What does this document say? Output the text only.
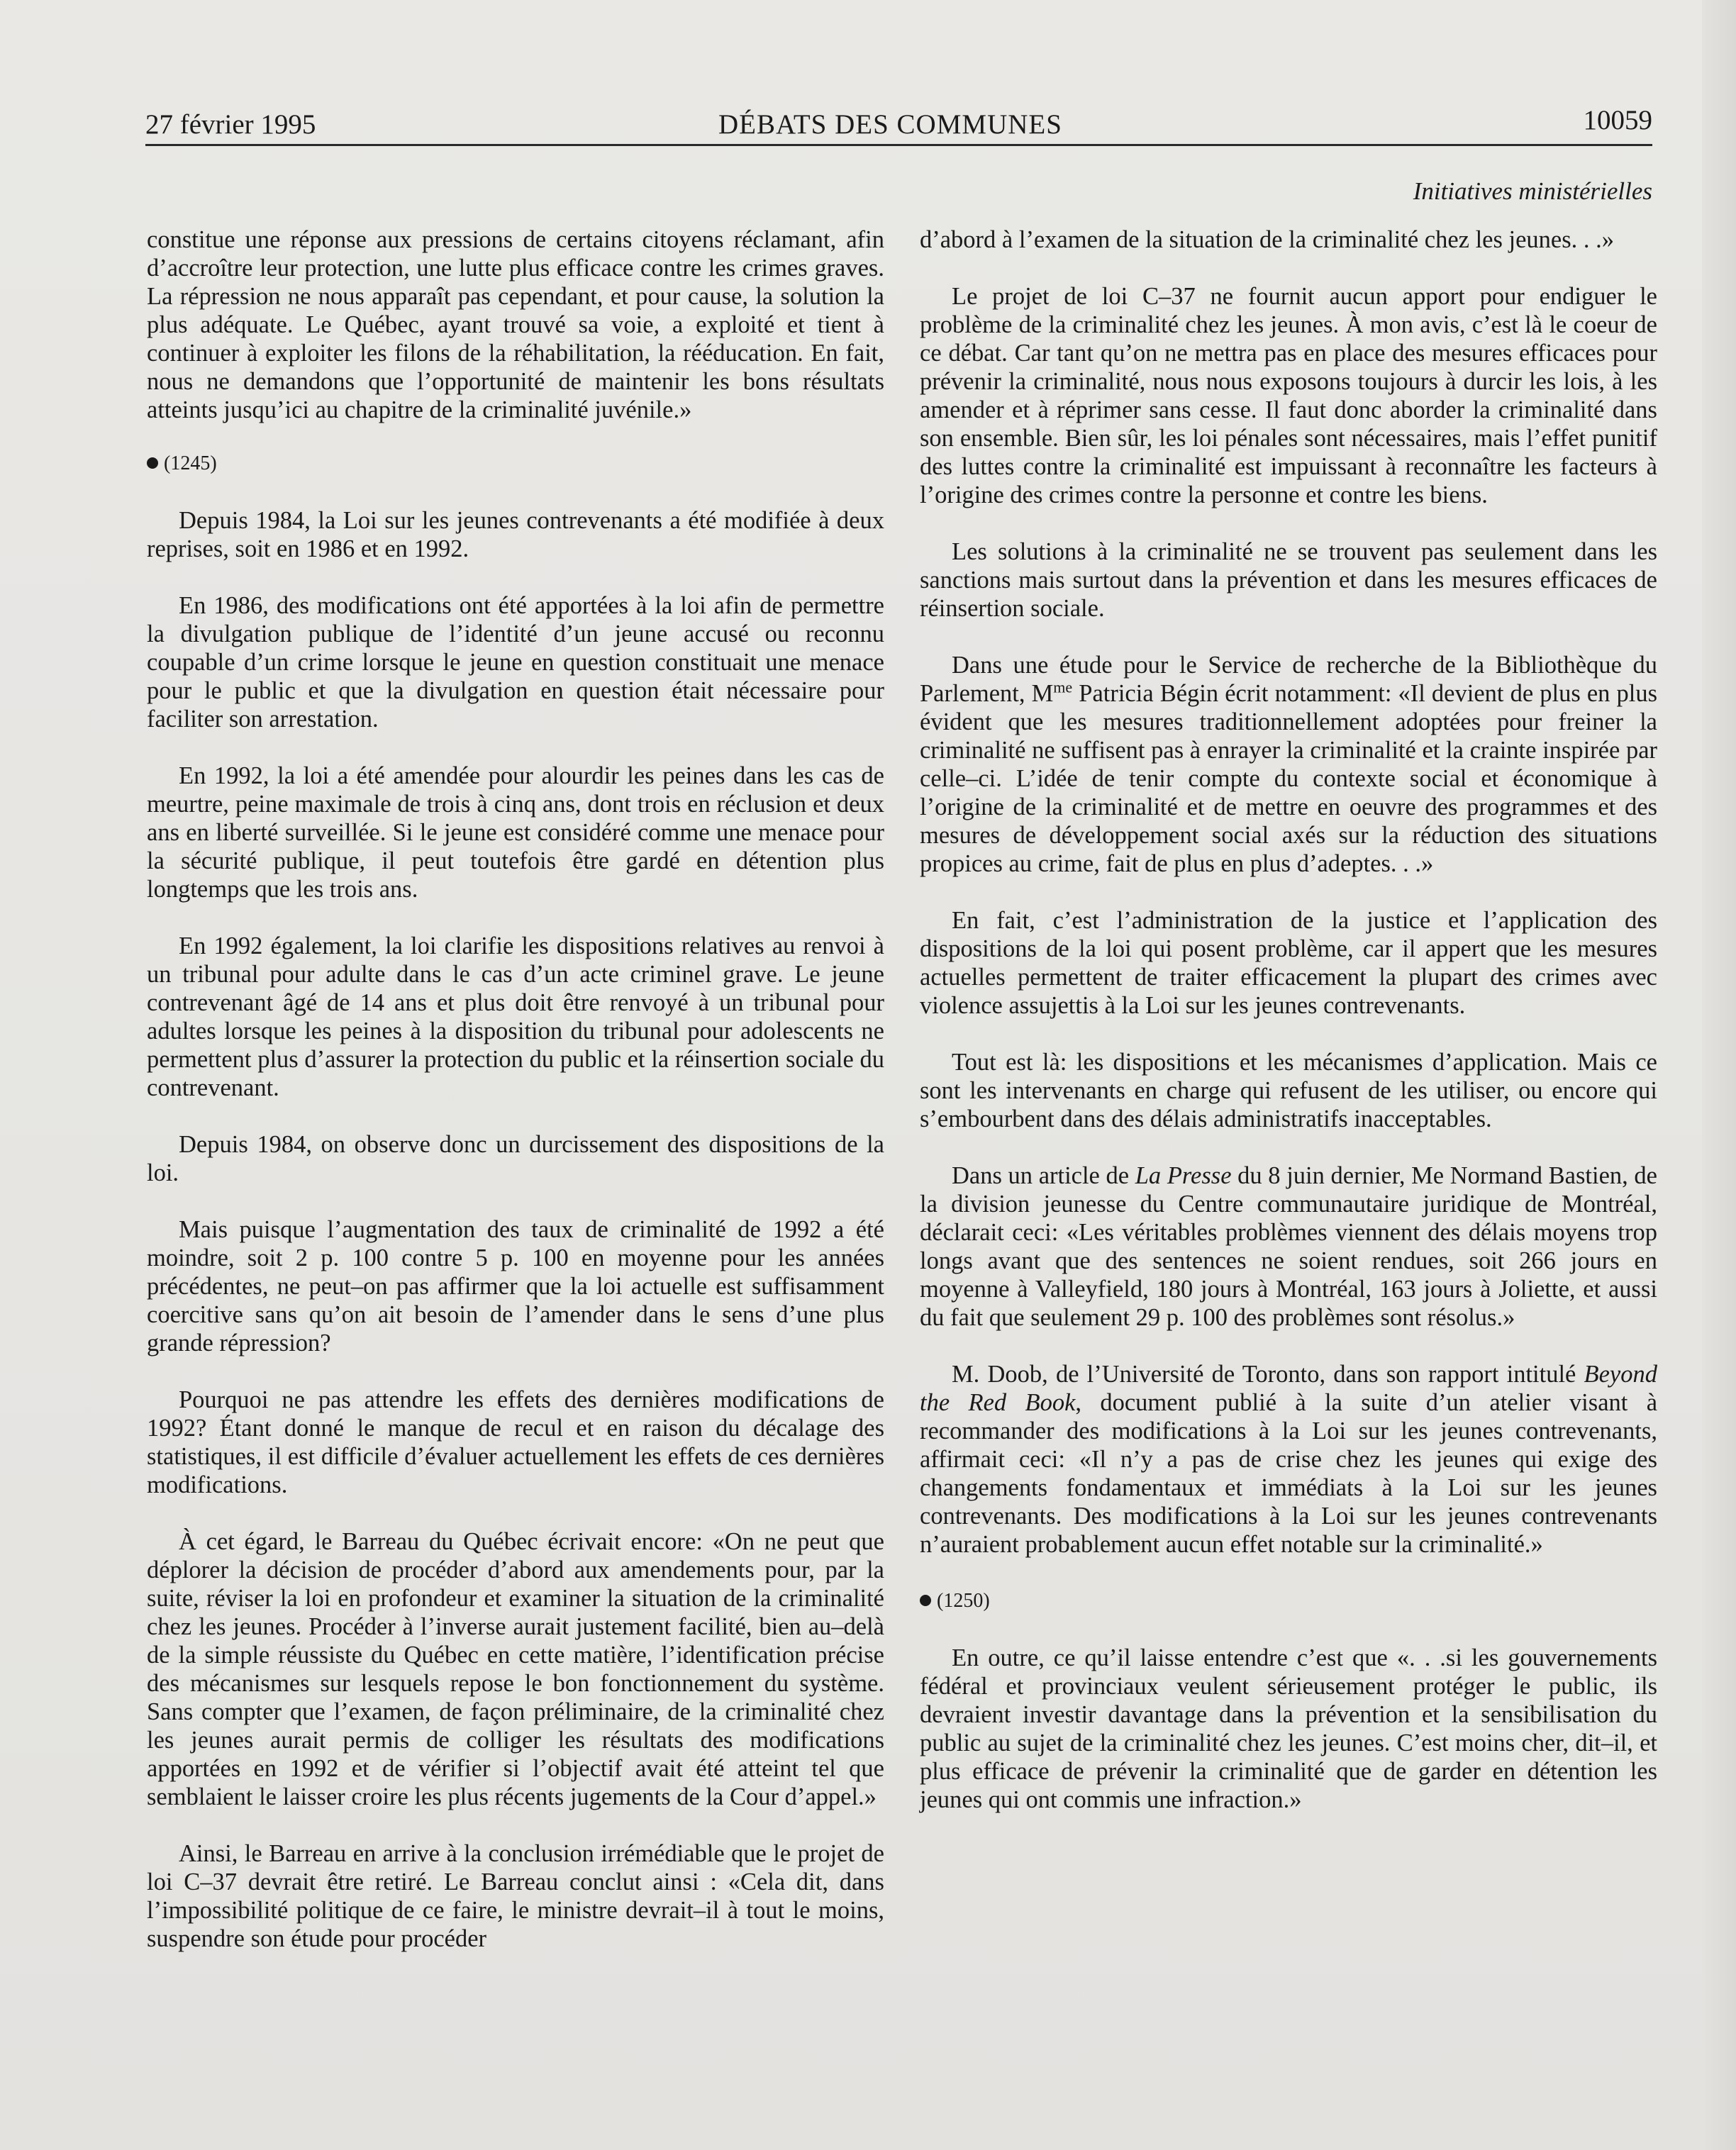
27 février 1995	DÉBATS DES COMMUNES	10059
Initiatives ministérielles

constitue une réponse aux pressions de certains citoyens réclamant, afin d’accroître leur protection, une lutte plus efficace contre les crimes graves. La répression ne nous apparaît pas cependant, et pour cause, la solution la plus adéquate. Le Québec, ayant trouvé sa voie, a exploité et tient à continuer à exploiter les filons de la réhabilitation, la rééducation. En fait, nous ne demandons que l’opportunité de maintenir les bons résultats atteints jusqu’ici au chapitre de la criminalité juvénile.»

(1245)

Depuis 1984, la Loi sur les jeunes contrevenants a été modifiée à deux reprises, soit en 1986 et en 1992.

En 1986, des modifications ont été apportées à la loi afin de permettre la divulgation publique de l’identité d’un jeune accusé ou reconnu coupable d’un crime lorsque le jeune en question constituait une menace pour le public et que la divulgation en question était nécessaire pour faciliter son arrestation.

En 1992, la loi a été amendée pour alourdir les peines dans les cas de meurtre, peine maximale de trois à cinq ans, dont trois en réclusion et deux ans en liberté surveillée. Si le jeune est considéré comme une menace pour la sécurité publique, il peut toutefois être gardé en détention plus longtemps que les trois ans.

En 1992 également, la loi clarifie les dispositions relatives au renvoi à un tribunal pour adulte dans le cas d’un acte criminel grave. Le jeune contrevenant âgé de 14 ans et plus doit être renvoyé à un tribunal pour adultes lorsque les peines à la disposition du tribunal pour adolescents ne permettent plus d’assurer la protection du public et la réinsertion sociale du contrevenant.

Depuis 1984, on observe donc un durcissement des dispositions de la loi.

Mais puisque l’augmentation des taux de criminalité de 1992 a été moindre, soit 2 p. 100 contre 5 p. 100 en moyenne pour les années précédentes, ne peut–on pas affirmer que la loi actuelle est suffisamment coercitive sans qu’on ait besoin de l’amender dans le sens d’une plus grande répression?

Pourquoi ne pas attendre les effets des dernières modifications de 1992? Étant donné le manque de recul et en raison du décalage des statistiques, il est difficile d’évaluer actuellement les effets de ces dernières modifications.

À cet égard, le Barreau du Québec écrivait encore: «On ne peut que déplorer la décision de procéder d’abord aux amendements pour, par la suite, réviser la loi en profondeur et examiner la situation de la criminalité chez les jeunes. Procéder à l’inverse aurait justement facilité, bien au–delà de la simple réussiste du Québec en cette matière, l’identification précise des mécanismes sur lesquels repose le bon fonctionnement du système. Sans compter que l’examen, de façon préliminaire, de la criminalité chez les jeunes aurait permis de colliger les résultats des modifications apportées en 1992 et de vérifier si l’objectif avait été atteint tel que semblaient le laisser croire les plus récents jugements de la Cour d’appel.»

Ainsi, le Barreau en arrive à la conclusion irrémédiable que le projet de loi C–37 devrait être retiré. Le Barreau conclut ainsi : «Cela dit, dans l’impossibilité politique de ce faire, le ministre devrait–il à tout le moins, suspendre son étude pour procéder

d’abord à l’examen de la situation de la criminalité chez les jeunes. . .»

Le projet de loi C–37 ne fournit aucun apport pour endiguer le problème de la criminalité chez les jeunes. À mon avis, c’est là le coeur de ce débat. Car tant qu’on ne mettra pas en place des mesures efficaces pour prévenir la criminalité, nous nous exposons toujours à durcir les lois, à les amender et à réprimer sans cesse. Il faut donc aborder la criminalité dans son ensemble. Bien sûr, les loi pénales sont nécessaires, mais l’effet punitif des luttes contre la criminalité est impuissant à reconnaître les facteurs à l’origine des crimes contre la personne et contre les biens.

Les solutions à la criminalité ne se trouvent pas seulement dans les sanctions mais surtout dans la prévention et dans les mesures efficaces de réinsertion sociale.

Dans une étude pour le Service de recherche de la Bibliothèque du Parlement, $M^{me}$ Patricia Bégin écrit notamment: «Il devient de plus en plus évident que les mesures traditionnellement adoptées pour freiner la criminalité ne suffisent pas à enrayer la criminalité et la crainte inspirée par celle–ci. L’idée de tenir compte du contexte social et économique à l’origine de la criminalité et de mettre en oeuvre des programmes et des mesures de développement social axés sur la réduction des situations propices au crime, fait de plus en plus d’adeptes. . .»

En fait, c’est l’administration de la justice et l’application des dispositions de la loi qui posent problème, car il appert que les mesures actuelles permettent de traiter efficacement la plupart des crimes avec violence assujettis à la Loi sur les jeunes contrevenants.

Tout est là: les dispositions et les mécanismes d’application. Mais ce sont les intervenants en charge qui refusent de les utiliser, ou encore qui s’embourbent dans des délais administratifs inacceptables.

Dans un article de La Presse du 8 juin dernier, Me Normand Bastien, de la division jeunesse du Centre communautaire juridique de Montréal, déclarait ceci: «Les véritables problèmes viennent des délais moyens trop longs avant que des sentences ne soient rendues, soit 266 jours en moyenne à Valleyfield, 180 jours à Montréal, 163 jours à Joliette, et aussi du fait que seulement 29 p. 100 des problèmes sont résolus.»

M. Doob, de l’Université de Toronto, dans son rapport intitulé Beyond the Red Book, document publié à la suite d’un atelier visant à recommander des modifications à la Loi sur les jeunes contrevenants, affirmait ceci: «Il n’y a pas de crise chez les jeunes qui exige des changements fondamentaux et immédiats à la Loi sur les jeunes contrevenants. Des modifications à la Loi sur les jeunes contrevenants n’auraient probablement aucun effet notable sur la criminalité.»

(1250)

En outre, ce qu’il laisse entendre c’est que «. . .si les gouvernements fédéral et provinciaux veulent sérieusement protéger le public, ils devraient investir davantage dans la prévention et la sensibilisation du public au sujet de la criminalité chez les jeunes. C’est moins cher, dit–il, et plus efficace de prévenir la criminalité que de garder en détention les jeunes qui ont commis une infraction.»
